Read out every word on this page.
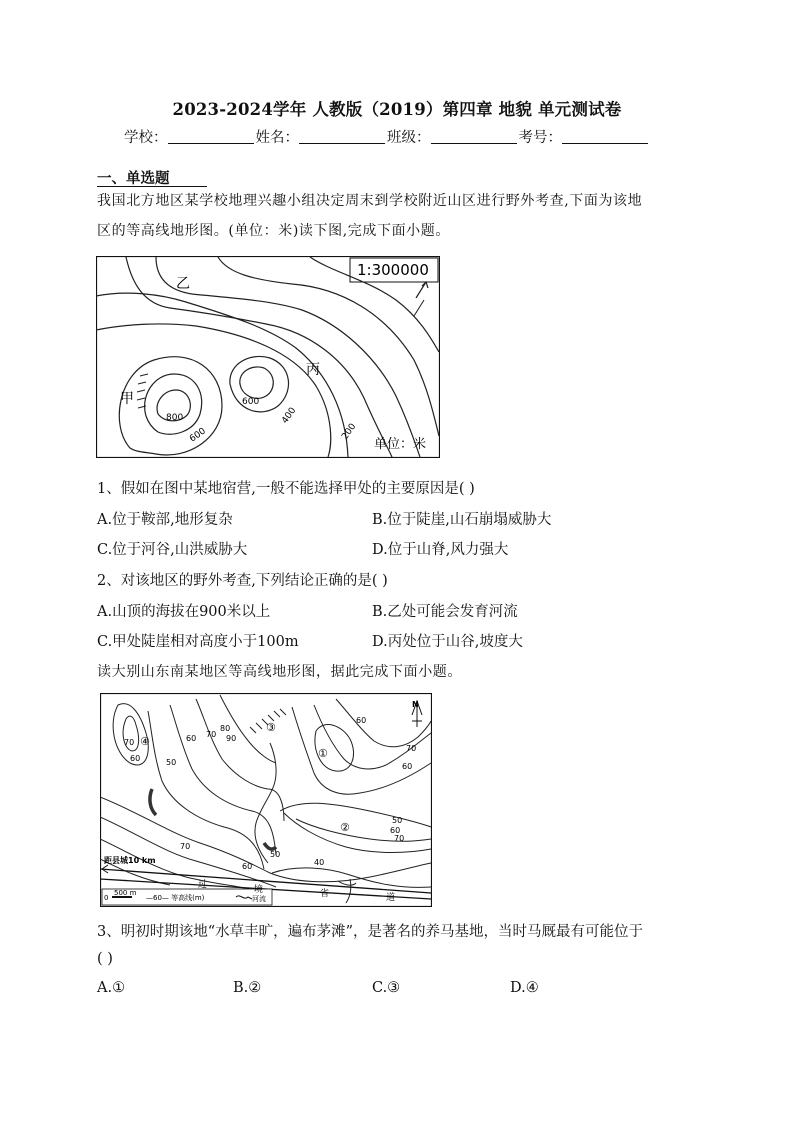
2023-2024学年 人教版（2019）第四章 地貌 单元测试卷
学校：	姓名：	班级：	考号：
一、单选题
我国北方地区某学校地理兴趣小组决定周末到学校附近山区进行野外考查,下面为该地
区的等高线地形图。(单位：米)读下图,完成下面小题。
1:300000
乙
甲
丙
800
600
600
400
200
单位：米
1、假如在图中某地宿营,一般不能选择甲处的主要原因是( )
A.位于鞍部,地形复杂	B.位于陡崖,山石崩塌威胁大
C.位于河谷,山洪威胁大	D.位于山脊,风力强大
2、对该地区的野外考查,下列结论正确的是( )
A.山顶的海拔在900米以上	B.乙处可能会发育河流
C.甲处陡崖相对高度小于100m	D.丙处位于山谷,坡度大
读大别山东南某地区等高线地形图，据此完成下面小题。
N
①
②
③
④
70
60
60 70
80
90
50
60
70
60
50
60
70
70
60
50
40
距县城10 km
过	境	省	道
0
500 m
—60— 等高线(m)	河流
3、明初时期该地“水草丰旷，遍布茅滩”，是著名的养马基地，当时马厩最有可能位于
( )
A.①	B.②	C.③	D.④
